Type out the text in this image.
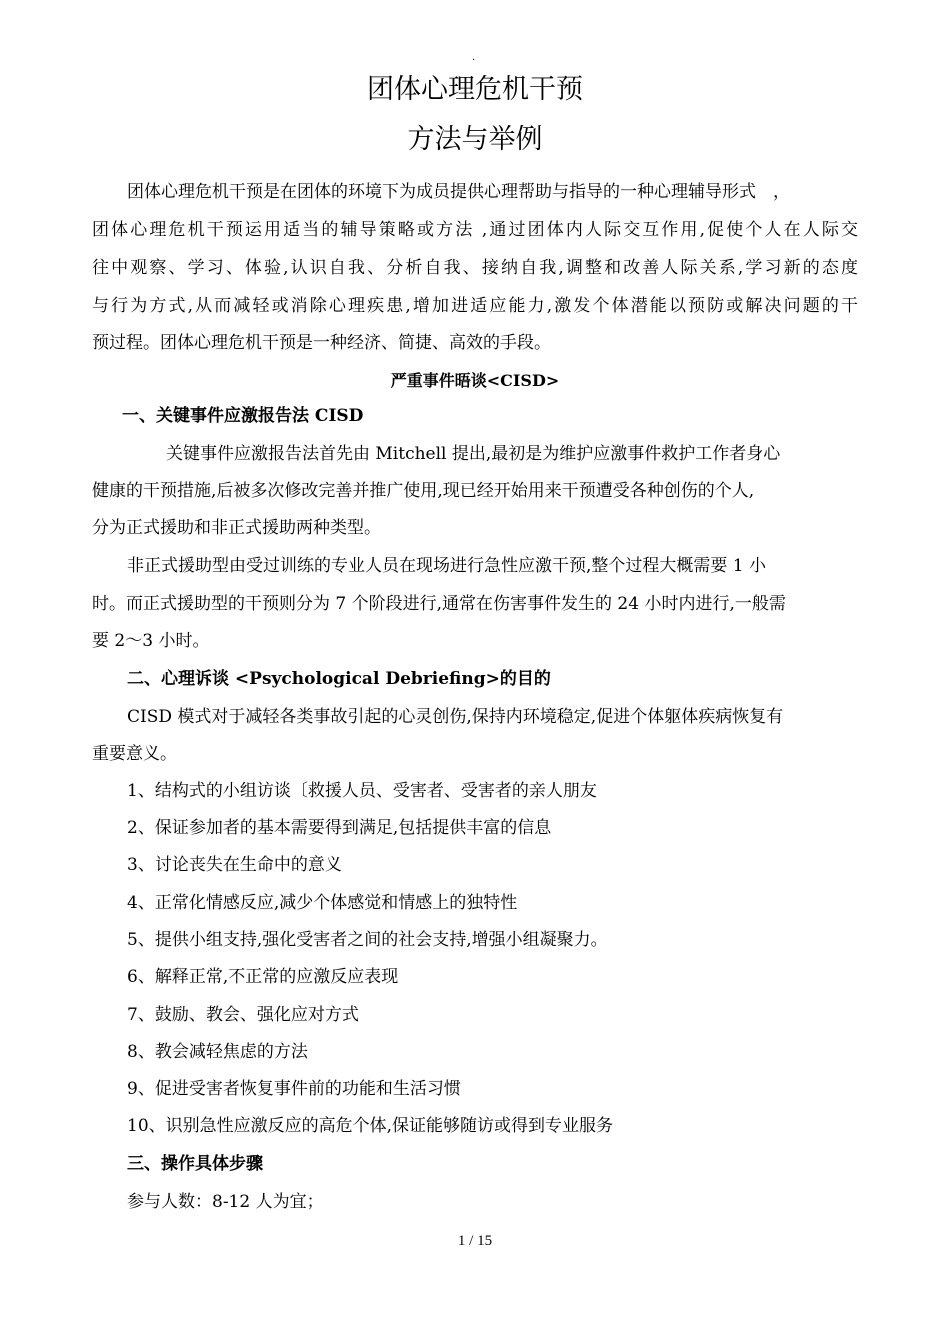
·
团体心理危机干预
方法与举例
团体心理危机干预是在团体的环境下为成员提供心理帮助与指导的一种心理辅导形式　，
团体心理危机干预运用适当的辅导策略或方法 ,通过团体内人际交互作用,促使个人在人际交
往中观察、学习、体验,认识自我、分析自我、接纳自我,调整和改善人际关系,学习新的态度
与行为方式,从而减轻或消除心理疾患,增加进适应能力,激发个体潜能以预防或解决问题的干
预过程。团体心理危机干预是一种经济、简捷、高效的手段。
严重事件晤谈<CISD>
一、关键事件应激报告法 CISD
关键事件应激报告法首先由 Mitchell 提出,最初是为维护应激事件救护工作者身心
健康的干预措施,后被多次修改完善并推广使用,现已经开始用来干预遭受各种创伤的个人,
分为正式援助和非正式援助两种类型。
非正式援助型由受过训练的专业人员在现场进行急性应激干预,整个过程大概需要 1 小
时。而正式援助型的干预则分为 7 个阶段进行,通常在伤害事件发生的 24 小时内进行,一般需
要 2～3 小时。
二、心理诉谈 <Psychological Debriefing>的目的
CISD 模式对于减轻各类事故引起的心灵创伤,保持内环境稳定,促进个体躯体疾病恢复有
重要意义。
1、结构式的小组访谈〔救援人员、受害者、受害者的亲人朋友
2、保证参加者的基本需要得到满足,包括提供丰富的信息
3、讨论丧失在生命中的意义
4、正常化情感反应,减少个体感觉和情感上的独特性
5、提供小组支持,强化受害者之间的社会支持,增强小组凝聚力。
6、解释正常,不正常的应激反应表现
7、鼓励、教会、强化应对方式
8、教会减轻焦虑的方法
9、促进受害者恢复事件前的功能和生活习惯
10、识别急性应激反应的高危个体,保证能够随访或得到专业服务
三、操作具体步骤
参与人数：8-12 人为宜；
1 / 15
